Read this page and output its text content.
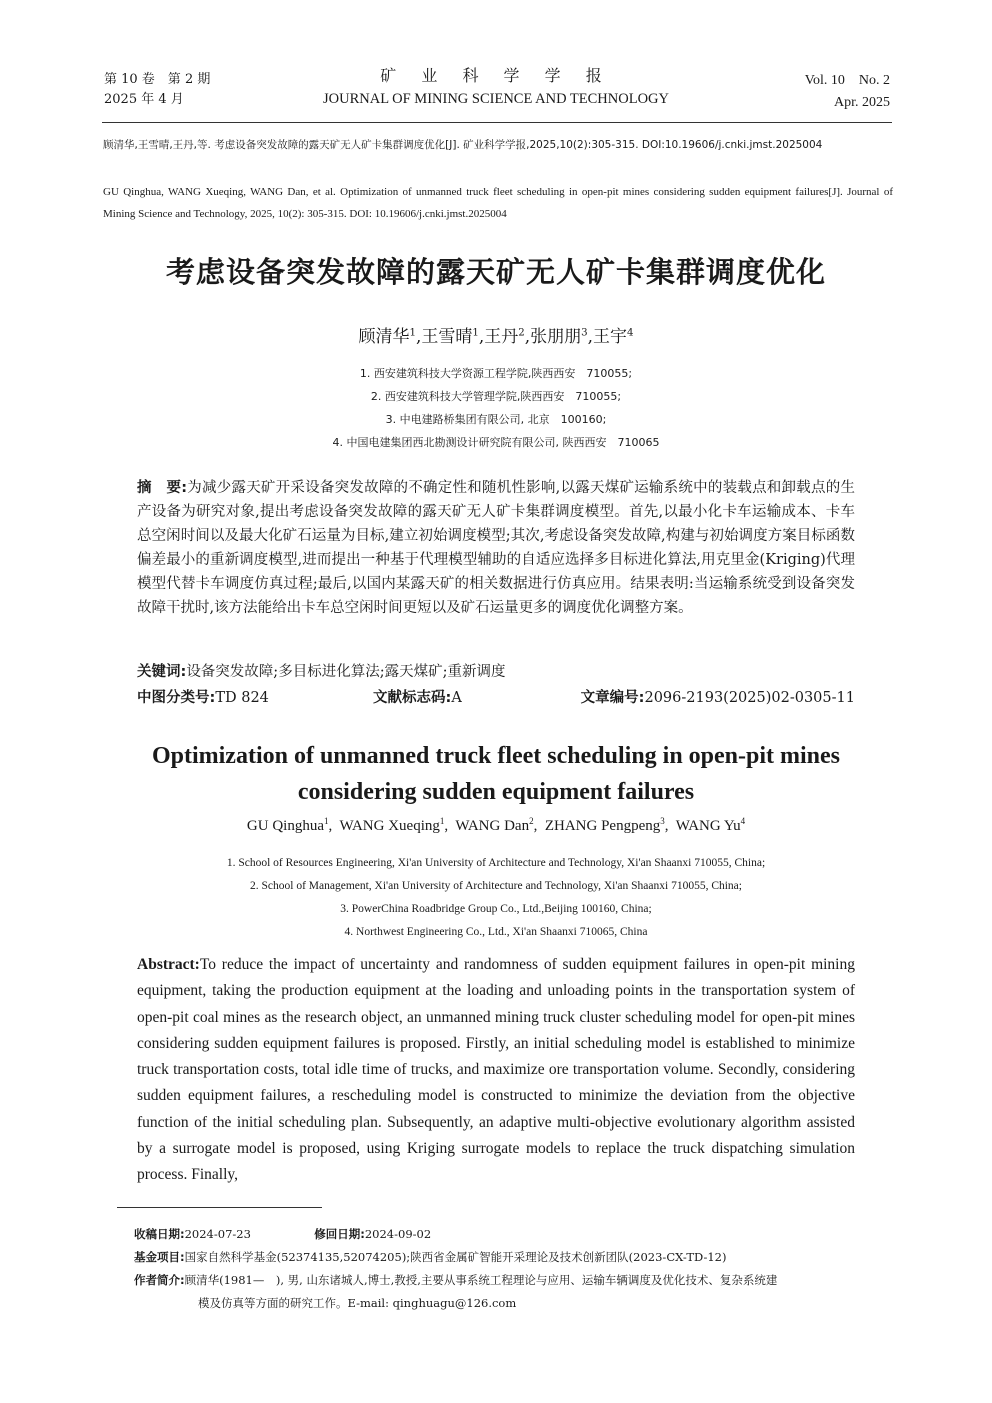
第 10 卷　第 2 期
2025 年 4 月
矿 业 科 学 学 报
JOURNAL OF MINING SCIENCE AND TECHNOLOGY
Vol. 10　No. 2
Apr. 2025
顾清华,王雪晴,王丹,等. 考虑设备突发故障的露天矿无人矿卡集群调度优化[J]. 矿业科学学报,2025,10(2):305-315. DOI:10.19606/j.cnki.jmst.2025004
GU Qinghua, WANG Xueqing, WANG Dan, et al. Optimization of unmanned truck fleet scheduling in open-pit mines considering sudden equipment failures[J]. Journal of Mining Science and Technology, 2025, 10(2): 305-315. DOI: 10.19606/j.cnki.jmst.2025004
考虑设备突发故障的露天矿无人矿卡集群调度优化
顾清华$^1$,王雪晴$^1$,王丹$^2$,张朋朋$^3$,王宇$^4$
1. 西安建筑科技大学资源工程学院,陕西西安　710055;
2. 西安建筑科技大学管理学院,陕西西安　710055;
3. 中电建路桥集团有限公司, 北京　100160;
4. 中国电建集团西北勘测设计研究院有限公司, 陕西西安　710065
摘　要:为减少露天矿开采设备突发故障的不确定性和随机性影响,以露天煤矿运输系统中的装载点和卸载点的生产设备为研究对象,提出考虑设备突发故障的露天矿无人矿卡集群调度模型。首先,以最小化卡车运输成本、卡车总空闲时间以及最大化矿石运量为目标,建立初始调度模型;其次,考虑设备突发故障,构建与初始调度方案目标函数偏差最小的重新调度模型,进而提出一种基于代理模型辅助的自适应选择多目标进化算法,用克里金(Kriging)代理模型代替卡车调度仿真过程;最后,以国内某露天矿的相关数据进行仿真应用。结果表明:当运输系统受到设备突发故障干扰时,该方法能给出卡车总空闲时间更短以及矿石运量更多的调度优化调整方案。
关键词:设备突发故障;多目标进化算法;露天煤矿;重新调度
中图分类号:TD 824	文献标志码:A	文章编号:2096-2193(2025)02-0305-11
Optimization of unmanned truck fleet scheduling in open-pit mines considering sudden equipment failures
GU Qinghua$^1$,  WANG Xueqing$^1$,  WANG Dan$^2$,  ZHANG Pengpeng$^3$,  WANG Yu$^4$
1. School of Resources Engineering, Xi'an University of Architecture and Technology, Xi'an Shaanxi 710055, China;
2. School of Management, Xi'an University of Architecture and Technology, Xi'an Shaanxi 710055, China;
3. PowerChina Roadbridge Group Co., Ltd.,Beijing 100160, China;
4. Northwest Engineering Co., Ltd., Xi'an Shaanxi 710065, China
Abstract:To reduce the impact of uncertainty and randomness of sudden equipment failures in open-pit mining equipment, taking the production equipment at the loading and unloading points in the transportation system of open-pit coal mines as the research object, an unmanned mining truck cluster scheduling model for open-pit mines considering sudden equipment failures is proposed. Firstly, an initial scheduling model is established to minimize truck transportation costs, total idle time of trucks, and maximize ore transportation volume. Secondly, considering sudden equipment failures, a rescheduling model is constructed to minimize the deviation from the objective function of the initial scheduling plan. Subsequently, an adaptive multi-objective evolutionary algorithm assisted by a surrogate model is proposed, using Kriging surrogate models to replace the truck dispatching simulation process. Finally,
收稿日期:2024-07-23	修回日期:2024-09-02
基金项目:国家自然科学基金(52374135,52074205);陕西省金属矿智能开采理论及技术创新团队(2023-CX-TD-12)
作者简介:顾清华(1981—　), 男, 山东诸城人,博士,教授,主要从事系统工程理论与应用、运输车辆调度及优化技术、复杂系统建
模及仿真等方面的研究工作。E-mail: qinghuagu@126.com
